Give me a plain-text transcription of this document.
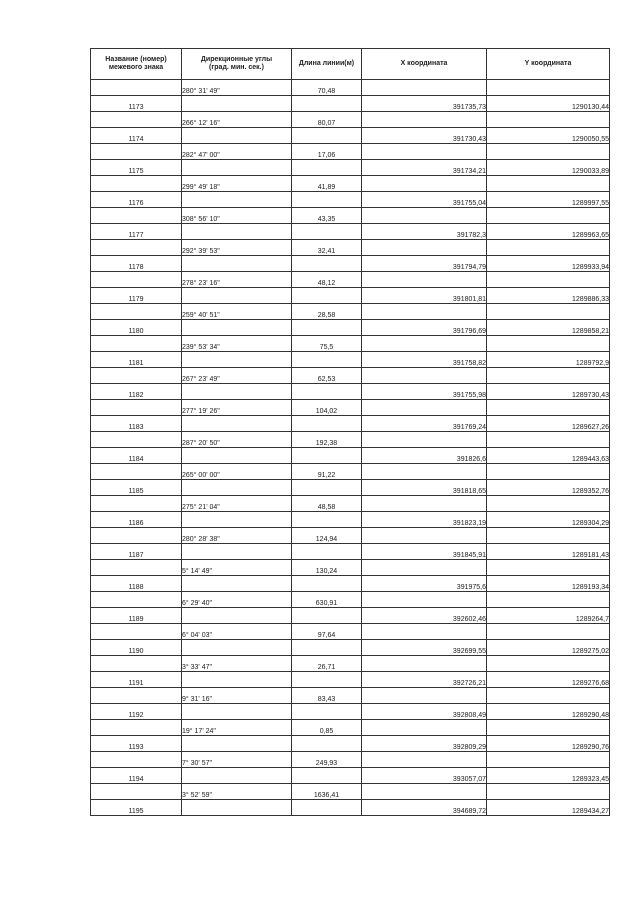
Название (номер)
межевого знака	Дирекционные углы
(град. мин. сек.)	Длина линии(м)	X координата	Y координата

	280° 31' 49"	70,48		
1173			391735,73	1290130,44
	266° 12' 16"	80,07		
1174			391730,43	1290050,55
	282° 47' 00"	17,06		
1175			391734,21	1290033,89
	299° 49' 18"	41,89		
1176			391755,04	1289997,55
	308° 56' 10"	43,35		
1177			391782,3	1289963,65
	292° 39' 53"	32,41		
1178			391794,79	1289933,94
	278° 23' 16"	48,12		
1179			391801,81	1289886,33
	259° 40' 51"	28,58		
1180			391796,69	1289858,21
	239° 53' 34"	75,5		
1181			391758,82	1289792,9
	267° 23' 49"	62,53		
1182			391755,98	1289730,43
	277° 19' 26"	104,02		
1183			391769,24	1289627,26
	287° 20' 50"	192,38		
1184			391826,6	1289443,63
	265° 00' 00"	91,22		
1185			391818,65	1289352,76
	275° 21' 04"	48,58		
1186			391823,19	1289304,29
	280° 28' 38"	124,94		
1187			391845,91	1289181,43
	5° 14' 49"	130,24		
1188			391975,6	1289193,34
	6° 29' 40"	630,91		
1189			392602,46	1289264,7
	6° 04' 03"	97,64		
1190			392699,55	1289275,02
	3° 33' 47"	26,71		
1191			392726,21	1289276,68
	9° 31' 16"	83,43		
1192			392808,49	1289290,48
	19° 17' 24"	0,85		
1193			392809,29	1289290,76
	7° 30' 57"	249,93		
1194			393057,07	1289323,45
	3° 52' 59"	1636,41		
1195			394689,72	1289434,27
